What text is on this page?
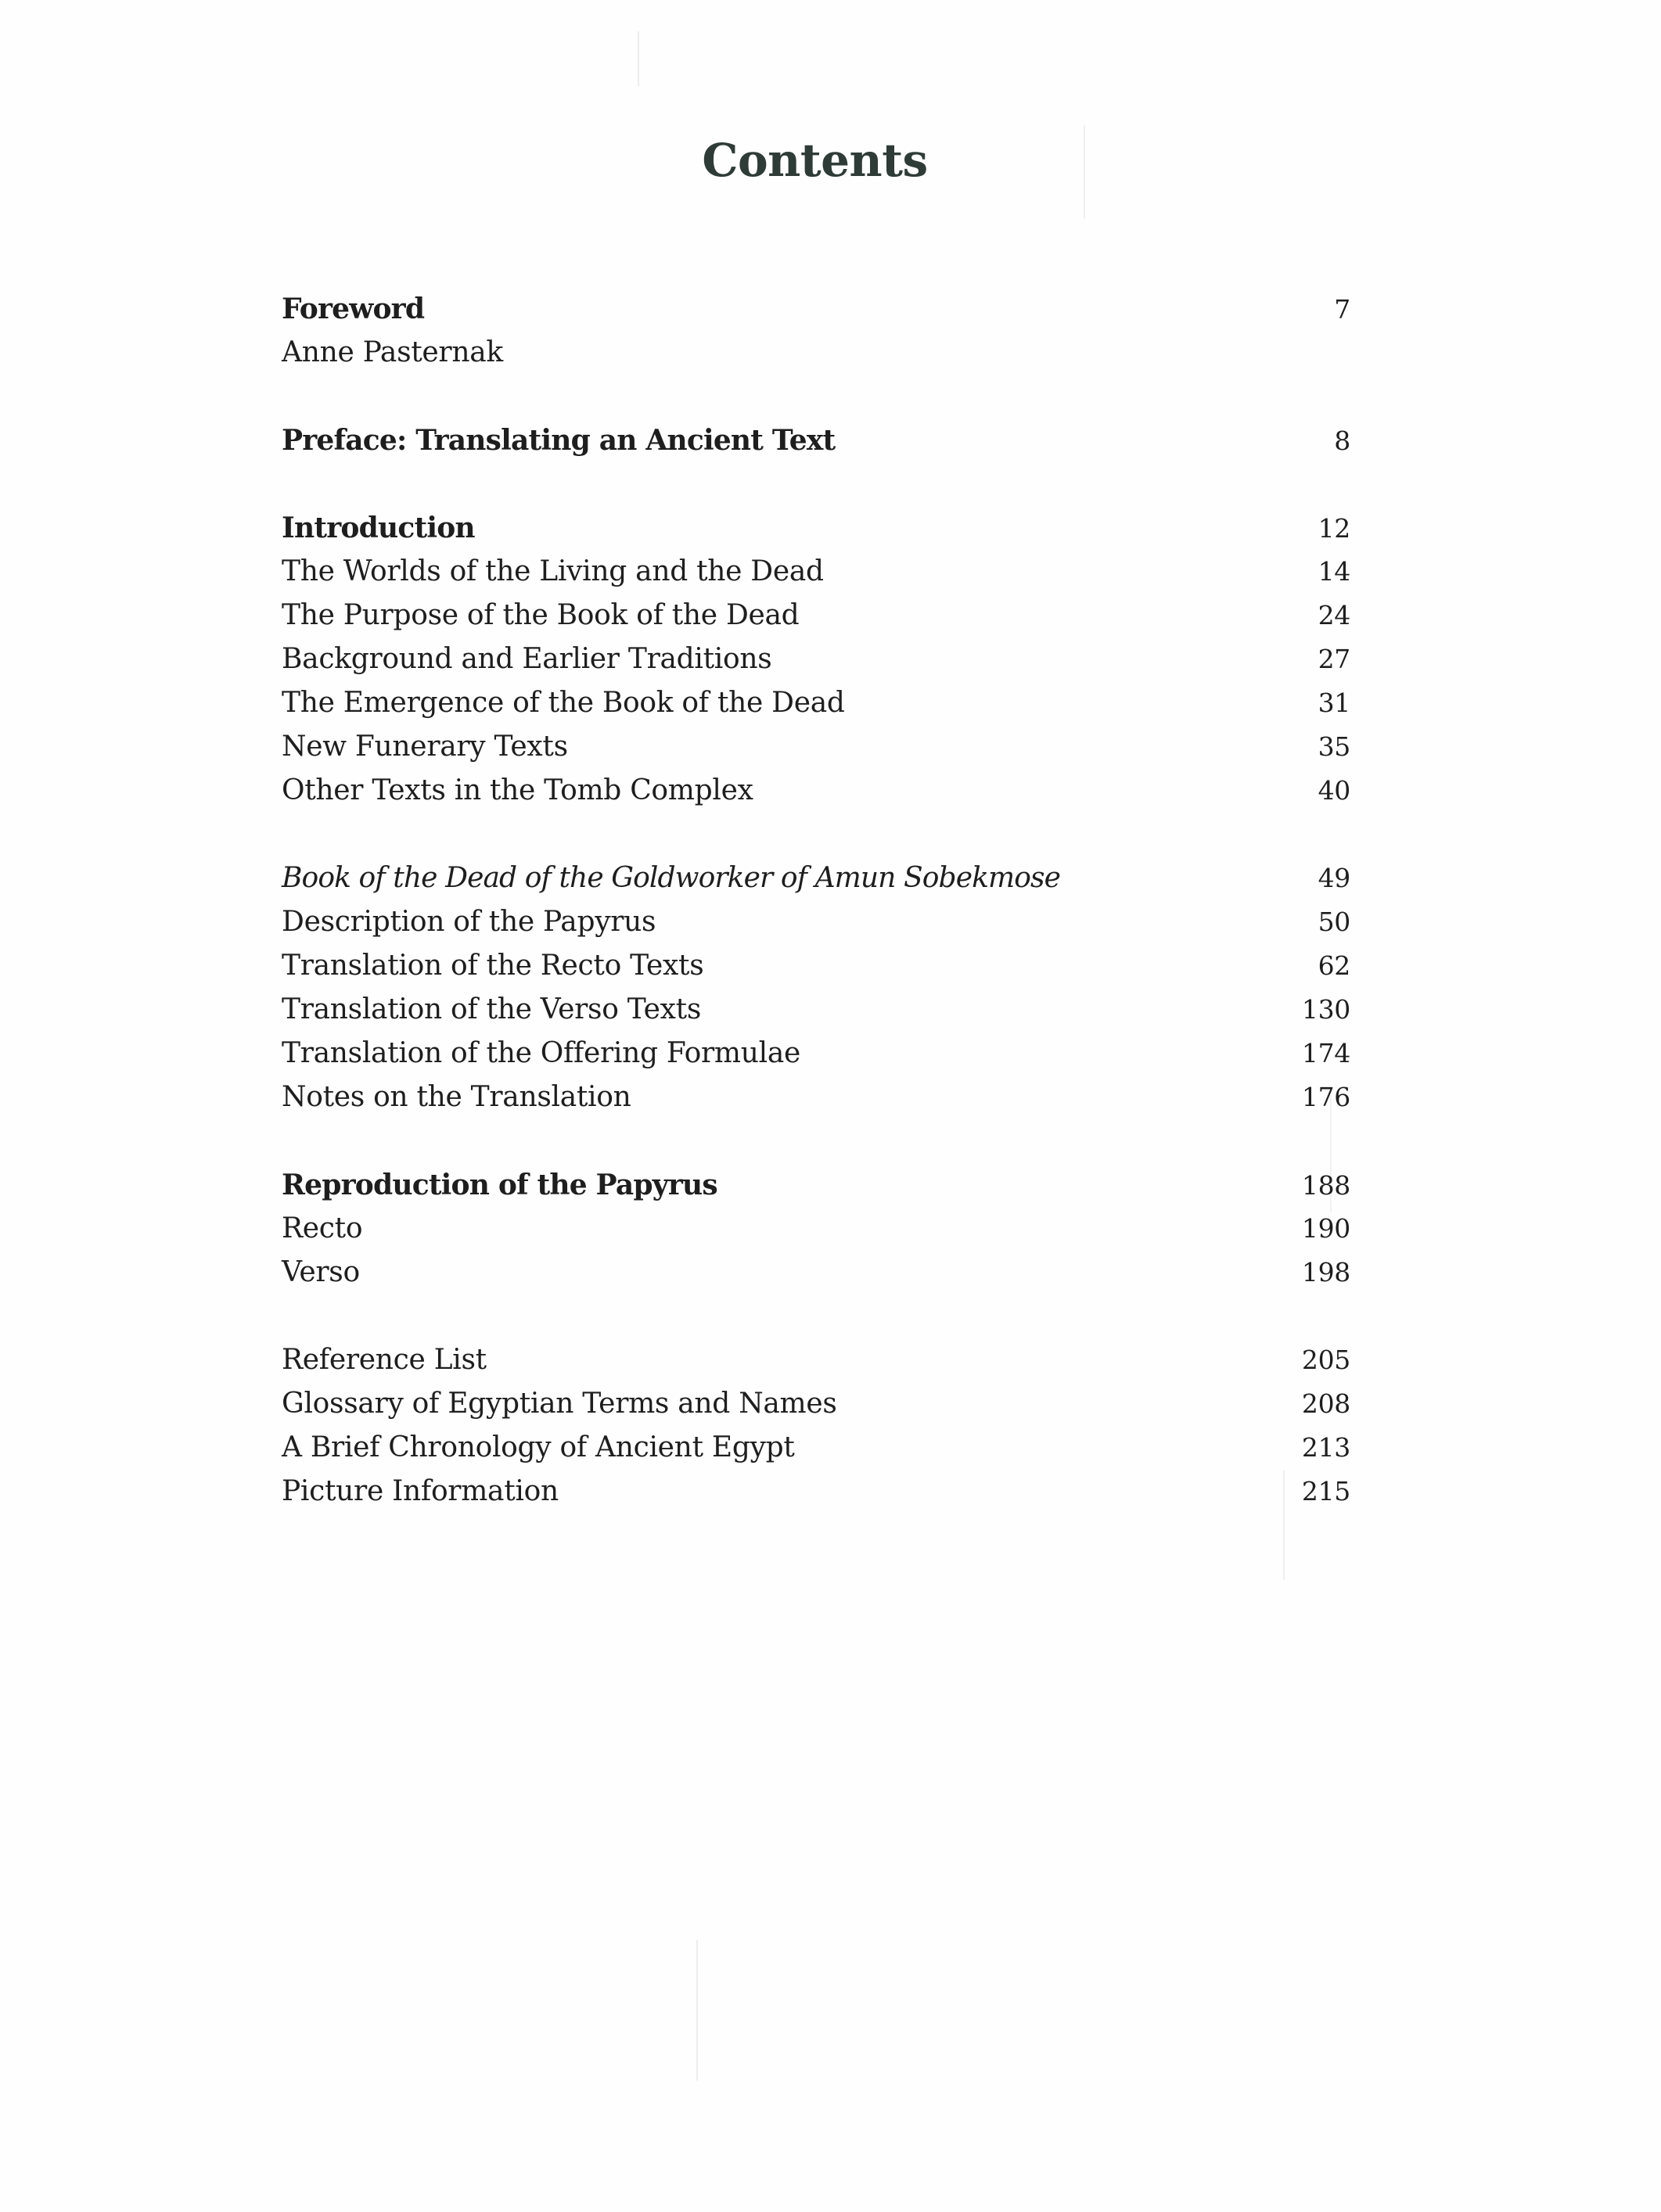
Contents
Foreword	7
Anne Pasternak
Preface: Translating an Ancient Text	8
Introduction	12
The Worlds of the Living and the Dead	14
The Purpose of the Book of the Dead	24
Background and Earlier Traditions	27
The Emergence of the Book of the Dead	31
New Funerary Texts	35
Other Texts in the Tomb Complex	40
Book of the Dead of the Goldworker of Amun Sobekmose	49
Description of the Papyrus	50
Translation of the Recto Texts	62
Translation of the Verso Texts	130
Translation of the Offering Formulae	174
Notes on the Translation	176
Reproduction of the Papyrus	188
Recto	190
Verso	198
Reference List	205
Glossary of Egyptian Terms and Names	208
A Brief Chronology of Ancient Egypt	213
Picture Information	215
